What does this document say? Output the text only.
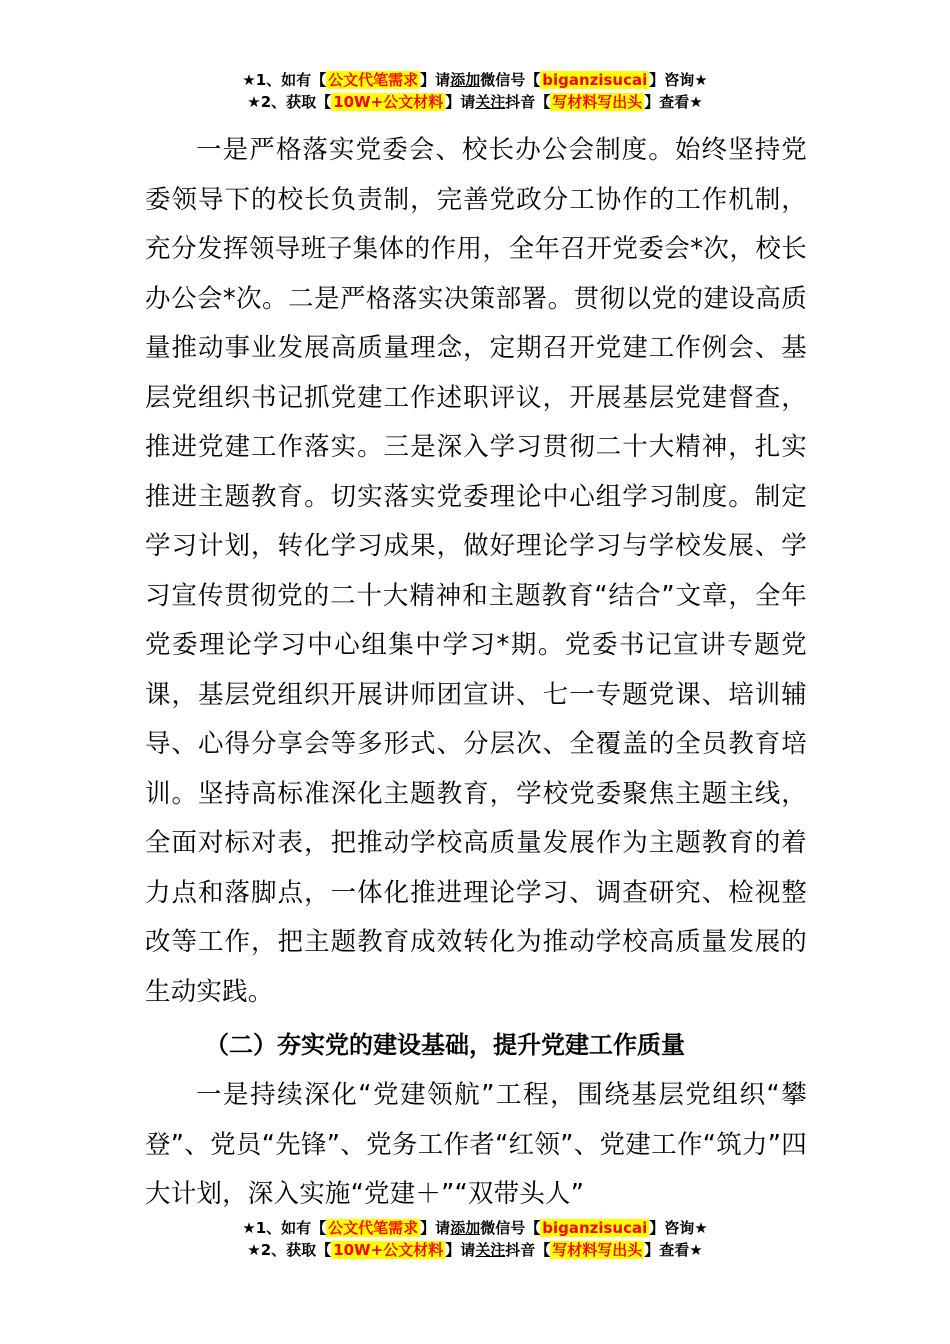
★1、如有【 公文代笔需求 】请添加微信号【 biganzisucai 】咨询★
★2、获取【 10W+公文材料 】请关注抖音【 写材料写出头 】查看★

一是严格落实党委会、校长办公会制度。始终坚持党委领导下的校长负责制，完善党政分工协作的工作机制，充分发挥领导班子集体的作用，全年召开党委会*次，校长办公会*次。二是严格落实决策部署。贯彻以党的建设高质量推动事业发展高质量理念，定期召开党建工作例会、基层党组织书记抓党建工作述职评议，开展基层党建督查，推进党建工作落实。三是深入学习贯彻二十大精神，扎实推进主题教育。切实落实党委理论中心组学习制度。制定学习计划，转化学习成果，做好理论学习与学校发展、学习宣传贯彻党的二十大精神和主题教育“结合”文章，全年党委理论学习中心组集中学习*期。党委书记宣讲专题党课，基层党组织开展讲师团宣讲、七一专题党课、培训辅导、心得分享会等多形式、分层次、全覆盖的全员教育培训。坚持高标准深化主题教育，学校党委聚焦主题主线，全面对标对表，把推动学校高质量发展作为主题教育的着力点和落脚点，一体化推进理论学习、调查研究、检视整改等工作，把主题教育成效转化为推动学校高质量发展的生动实践。

（二）夯实党的建设基础，提升党建工作质量

一是持续深化“党建领航”工程，围绕基层党组织“攀登”、党员“先锋”、党务工作者“红领”、党建工作“筑力”四大计划，深入实施“党建＋”“双带头人”

★1、如有【 公文代笔需求 】请添加微信号【 biganzisucai 】咨询★
★2、获取【 10W+公文材料 】请关注抖音【 写材料写出头 】查看★
